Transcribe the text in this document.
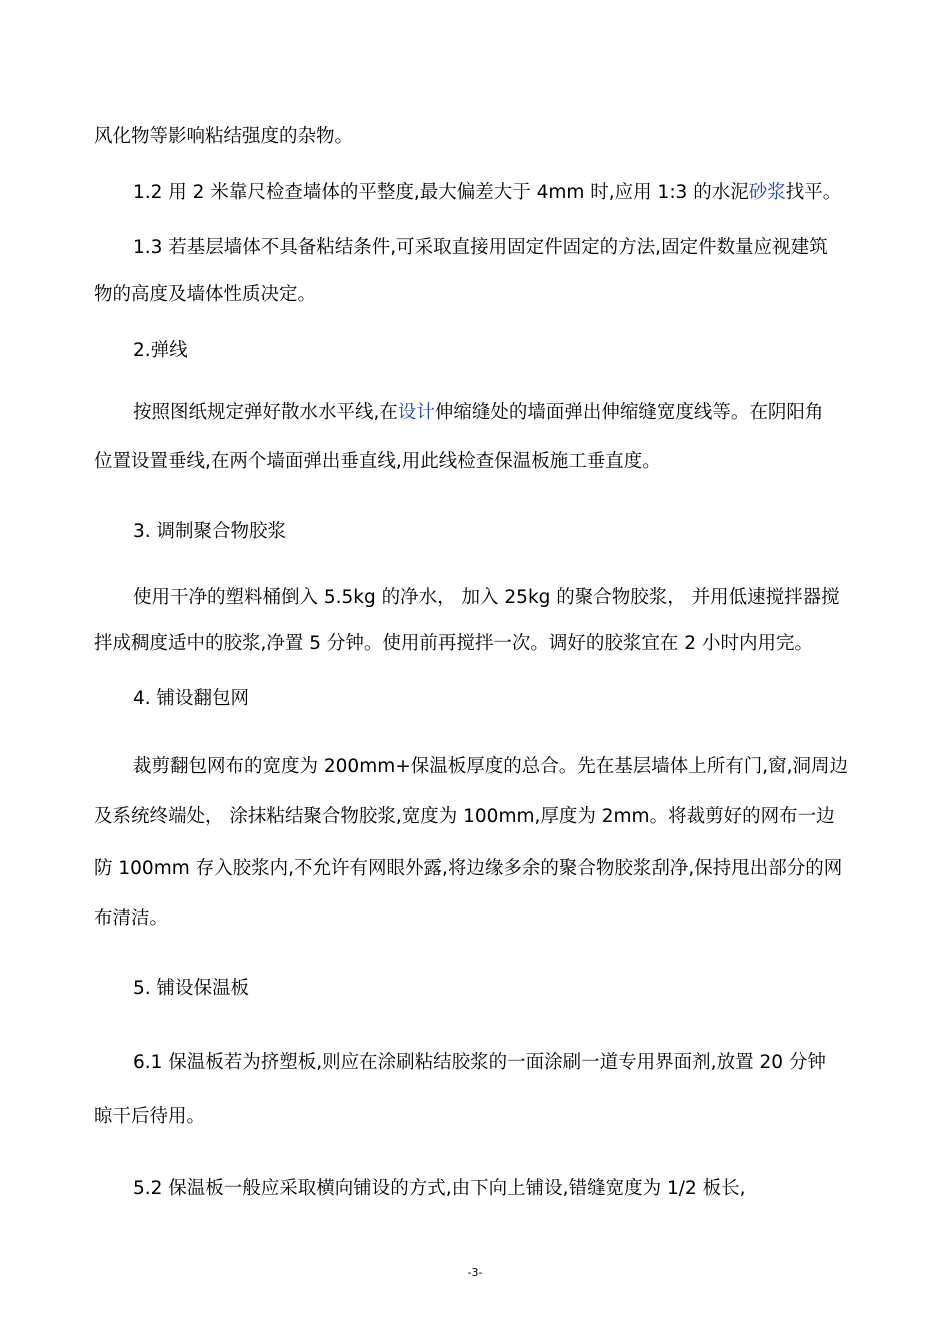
风化物等影响粘结强度的杂物。
1.2 用 2 米靠尺检查墙体的平整度,最大偏差大于 4mm 时,应用 1:3 的水泥砂浆找平。
1.3 若基层墙体不具备粘结条件,可采取直接用固定件固定的方法,固定件数量应视建筑
物的高度及墙体性质决定。
2.弹线
按照图纸规定弹好散水水平线,在设计伸缩缝处的墙面弹出伸缩缝宽度线等。在阴阳角
位置设置垂线,在两个墙面弹出垂直线,用此线检查保温板施工垂直度。
3. 调制聚合物胶浆
使用干净的塑料桶倒入 5.5kg 的净水， 加入 25kg 的聚合物胶浆， 并用低速搅拌器搅
拌成稠度适中的胶浆,净置 5 分钟。使用前再搅拌一次。调好的胶浆宜在 2 小时内用完。
4. 铺设翻包网
裁剪翻包网布的宽度为 200mm+保温板厚度的总合。先在基层墙体上所有门,窗,洞周边
及系统终端处， 涂抹粘结聚合物胶浆,宽度为 100mm,厚度为 2mm。将裁剪好的网布一边
防 100mm 存入胶浆内,不允许有网眼外露,将边缘多余的聚合物胶浆刮净,保持甩出部分的网
布清洁。
5. 铺设保温板
6.1 保温板若为挤塑板,则应在涂刷粘结胶浆的一面涂刷一道专用界面剂,放置 20 分钟
晾干后待用。
5.2 保温板一般应采取横向铺设的方式,由下向上铺设,错缝宽度为 1/2 板长,
-3-
